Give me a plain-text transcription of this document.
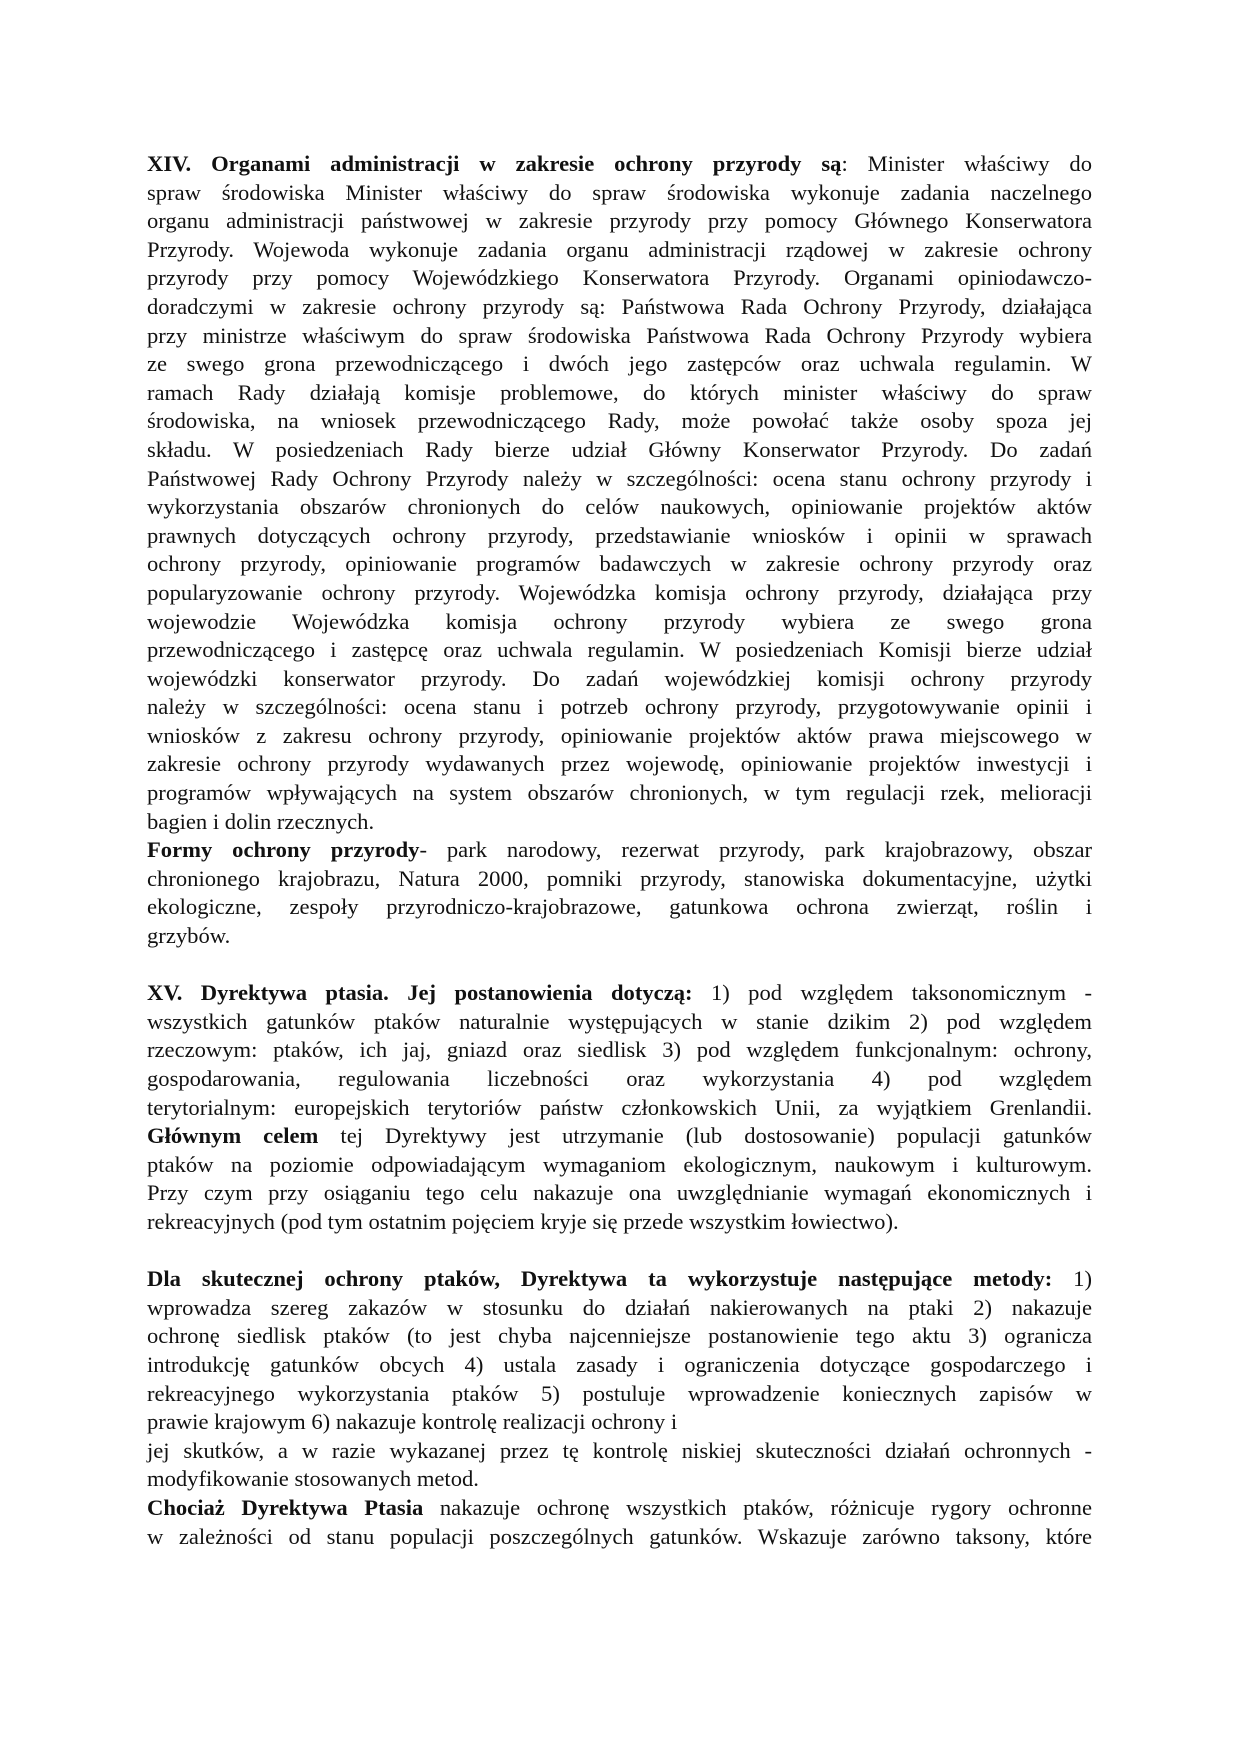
XIV. Organami administracji w zakresie ochrony przyrody są: Minister właściwy do
spraw środowiska Minister właściwy do spraw środowiska wykonuje zadania naczelnego
organu administracji państwowej w zakresie przyrody przy pomocy Głównego Konserwatora
Przyrody. Wojewoda wykonuje zadania organu administracji rządowej w zakresie ochrony
przyrody przy pomocy Wojewódzkiego Konserwatora Przyrody. Organami opiniodawczo-
doradczymi w zakresie ochrony przyrody są: Państwowa Rada Ochrony Przyrody, działająca
przy ministrze właściwym do spraw środowiska Państwowa Rada Ochrony Przyrody wybiera
ze swego grona przewodniczącego i dwóch jego zastępców oraz uchwala regulamin. W
ramach Rady działają komisje problemowe, do których minister właściwy do spraw
środowiska, na wniosek przewodniczącego Rady, może powołać także osoby spoza jej
składu. W posiedzeniach Rady bierze udział Główny Konserwator Przyrody. Do zadań
Państwowej Rady Ochrony Przyrody należy w szczególności: ocena stanu ochrony przyrody i
wykorzystania obszarów chronionych do celów naukowych, opiniowanie projektów aktów
prawnych dotyczących ochrony przyrody, przedstawianie wniosków i opinii w sprawach
ochrony przyrody, opiniowanie programów badawczych w zakresie ochrony przyrody oraz
popularyzowanie ochrony przyrody. Wojewódzka komisja ochrony przyrody, działająca przy
wojewodzie Wojewódzka komisja ochrony przyrody wybiera ze swego grona
przewodniczącego i zastępcę oraz uchwala regulamin. W posiedzeniach Komisji bierze udział
wojewódzki konserwator przyrody. Do zadań wojewódzkiej komisji ochrony przyrody
należy w szczególności: ocena stanu i potrzeb ochrony przyrody, przygotowywanie opinii i
wniosków z zakresu ochrony przyrody, opiniowanie projektów aktów prawa miejscowego w
zakresie ochrony przyrody wydawanych przez wojewodę, opiniowanie projektów inwestycji i
programów wpływających na system obszarów chronionych, w tym regulacji rzek, melioracji
bagien i dolin rzecznych.
Formy ochrony przyrody- park narodowy, rezerwat przyrody, park krajobrazowy, obszar
chronionego krajobrazu, Natura 2000, pomniki przyrody, stanowiska dokumentacyjne, użytki
ekologiczne, zespoły przyrodniczo-krajobrazowe, gatunkowa ochrona zwierząt, roślin i
grzybów.
XV. Dyrektywa ptasia. Jej postanowienia dotyczą: 1) pod względem taksonomicznym -
wszystkich gatunków ptaków naturalnie występujących w stanie dzikim 2) pod względem
rzeczowym: ptaków, ich jaj, gniazd oraz siedlisk 3) pod względem funkcjonalnym: ochrony,
gospodarowania, regulowania liczebności oraz wykorzystania 4) pod względem
terytorialnym: europejskich terytoriów państw członkowskich Unii, za wyjątkiem Grenlandii.
Głównym celem tej Dyrektywy jest utrzymanie (lub dostosowanie) populacji gatunków
ptaków na poziomie odpowiadającym wymaganiom ekologicznym, naukowym i kulturowym.
Przy czym przy osiąganiu tego celu nakazuje ona uwzględnianie wymagań ekonomicznych i
rekreacyjnych (pod tym ostatnim pojęciem kryje się przede wszystkim łowiectwo).
Dla skutecznej ochrony ptaków, Dyrektywa ta wykorzystuje następujące metody: 1)
wprowadza szereg zakazów w stosunku do działań nakierowanych na ptaki 2) nakazuje
ochronę siedlisk ptaków (to jest chyba najcenniejsze postanowienie tego aktu 3) ogranicza
introdukcję gatunków obcych 4) ustala zasady i ograniczenia dotyczące gospodarczego i
rekreacyjnego wykorzystania ptaków 5) postuluje wprowadzenie koniecznych zapisów w
prawie krajowym 6) nakazuje kontrolę realizacji ochrony i
jej skutków, a w razie wykazanej przez tę kontrolę niskiej skuteczności działań ochronnych -
modyfikowanie stosowanych metod.
Chociaż Dyrektywa Ptasia nakazuje ochronę wszystkich ptaków, różnicuje rygory ochronne
w zależności od stanu populacji poszczególnych gatunków. Wskazuje zarówno taksony, które
